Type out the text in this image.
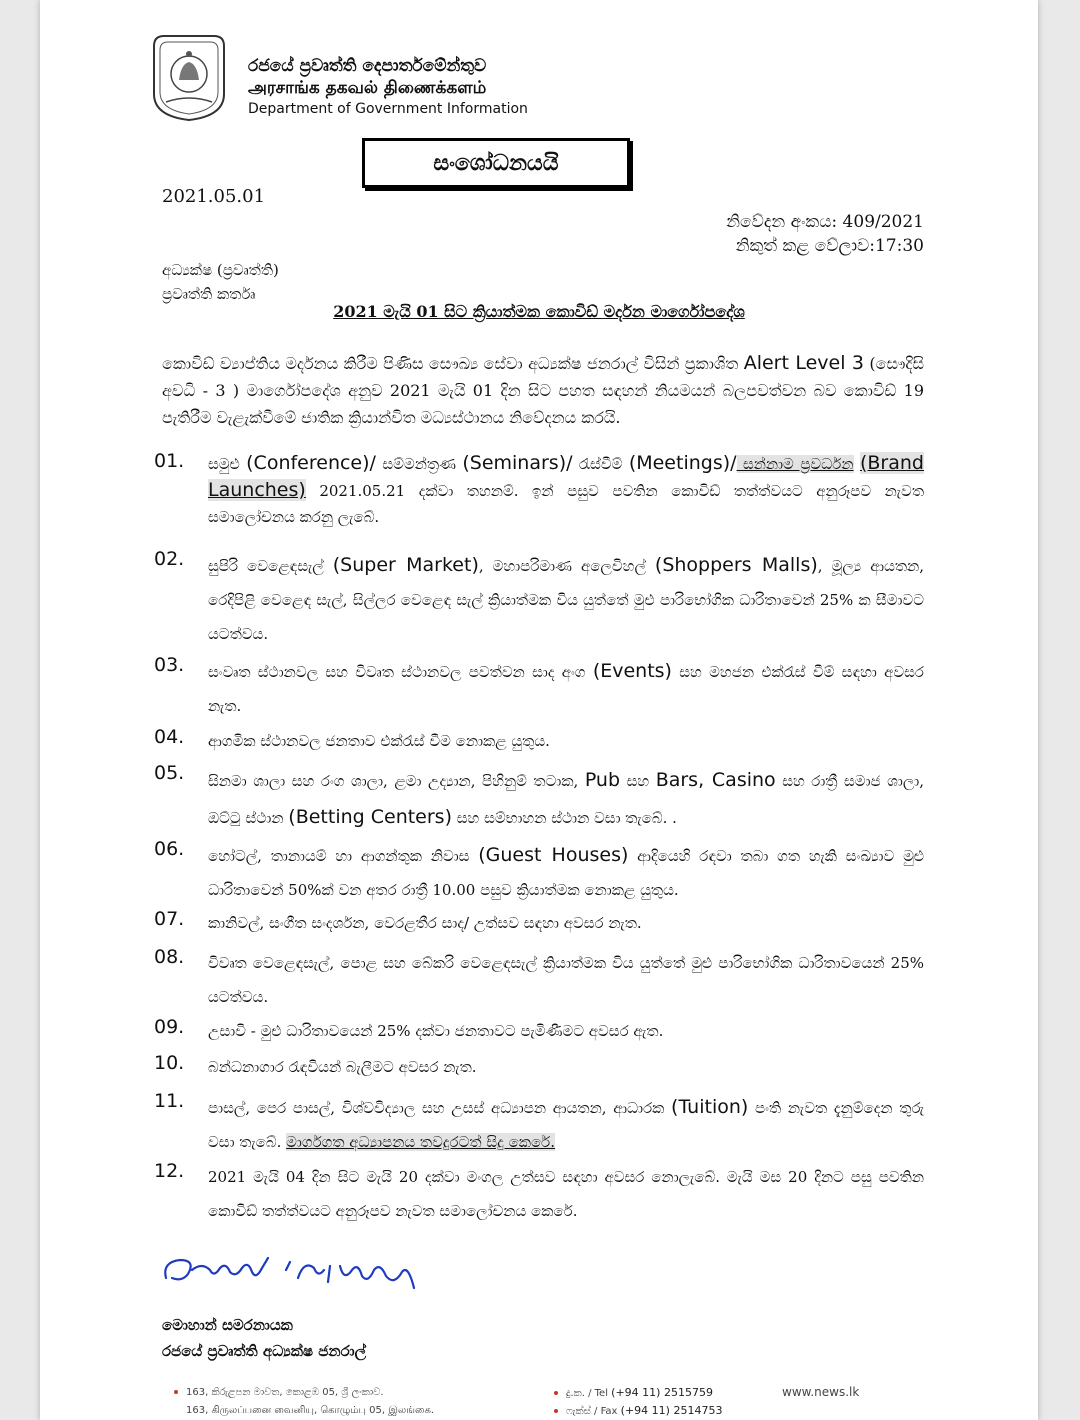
රජයේ ප්‍රවෘත්ති දෙපාර්තමේන්තුව
அரசாங்க தகவல் திணைக்களம்
Department of Government Information
සංශෝධනයයි
2021.05.01
නිවේදන අංකය: 409/2021
නිකුත් කළ වේලාව:17:30
අධ්‍යක්ෂ (ප්‍රවෘත්ති)
ප්‍රවෘත්ති කර්තෘ
2021 මැයි 01 සිට ක්‍රියාත්මක කොවිඩ් මර්දන මාර්ගෝපදේශ
කොවිඩ් ව්‍යාප්තිය මර්දනය කිරීම පිණිස සෞඛ්‍ය සේවා අධ්‍යක්ෂ ජනරාල් විසින් ප්‍රකාශිත Alert Level 3 (සෞදිසි අවධි - 3 ) මාර්ගෝපදේශ අනුව 2021 මැයි 01 දින සිට පහත සඳහන් නියමයන් බලපවත්වන බව කොවිඩ් 19 පැතිරීම වැළැක්වීමේ ජාතික ක්‍රියාන්විත මධ්‍යස්ථානය නිවේදනය කරයි.
01. සමුළු (Conference)/ සම්මන්ත්‍රණ (Seminars)/ රැස්වීම් (Meetings)/ සන්නාම ප්‍රවර්ධන (Brand Launches) 2021.05.21 දක්වා තහනම්. ඉන් පසුව පවතින කොවිඩ් තත්ත්වයට අනුරූපව නැවත සමාලෝචනය කරනු ලැබේ.
02. සුපිරි වෙළෙඳසැල් (Super Market), මහාපරිමාණ අලෙවිහල් (Shoppers Malls), මූල්‍ය ආයතන, රෙදිපිළි වෙළෙඳ සැල්, සිල්ලර වෙළෙඳ සැල් ක්‍රියාත්මක විය යුත්තේ මුළු පාරිභෝගික ධාරිතාවෙන් 25% ක සීමාවට යටත්වය.
03. සංවෘත ස්ථානවල සහ විවෘත ස්ථානවල පවත්වන සාද අංග (Events) සහ මහජන එක්රැස් වීම් සඳහා අවසර නැත.
04. ආගමික ස්ථානවල ජනතාව එක්රැස් වීම නොකළ යුතුය.
05. සිනමා ශාලා සහ රංග ශාලා, ළමා උද්‍යාන, පිහිනුම් තටාක, Pub සහ Bars, Casino සහ රාත්‍රී සමාජ ශාලා, ඔට්ටු ස්ථාන (Betting Centers) සහ සම්භාහන ස්ථාන වසා තැබේ. .
06. හෝටල්, තානායම් හා ආගන්තුක නිවාස (Guest Houses) ආදියෙහි රඳවා තබා ගත හැකි සංඛ්‍යාව මුළු ධාරිතාවෙන් 50%ක් වන අතර රාත්‍රී 10.00 පසුව ක්‍රියාත්මක නොකළ යුතුය.
07. කානිවල්, සංගීත සංදර්ශන, වෙරළතීර සාද/ උත්සව සඳහා අවසර නැත.
08. විවෘත වෙළෙඳසැල්, පොළ සහ බේකරි වෙළෙඳසැල් ක්‍රියාත්මක විය යුත්තේ මුළු පාරිභෝගික ධාරිතාවයෙන් 25% යටත්වය.
09. උසාවි - මුළු ධාරිතාවයෙන් 25% දක්වා ජනතාවට පැමිණීමට අවසර ඇත.
10. බන්ධනාගාර රැඳවියන් බැලීමට අවසර නැත.
11. පාසල්, පෙර පාසල්, විශ්වවිද්‍යාල සහ උසස් අධ්‍යාපන ආයතන, ආධාරක (Tuition) පංති නැවත දැනුම්දෙන තුරු වසා තැබේ. මාර්ගගත අධ්‍යාපනය තවදුරටත් සිදු කෙරේ.
12. 2021 මැයි 04 දින සිට මැයි 20 දක්වා මංගල උත්සව සඳහා අවසර නොලැබේ. මැයි මස 20 දිනට පසු පවතින කොවිඩ් තත්ත්වයට අනුරූපව නැවත සමාලෝචනය කෙරේ.
මොහාන් සමරනායක
රජයේ ප්‍රවෘත්ති අධ්‍යක්ෂ ජනරාල්
163, කිරුළපන මාවත, කොළඹ 05, ශ්‍රී ලංකාව.
163, கிருலப்பனை வைனியு, கொழும்பு 05, இலங்கை.
දු.ක. / Tel (+94 11) 2515759
ෆැක්ස් / Fax (+94 11) 2514753
www.news.lk
